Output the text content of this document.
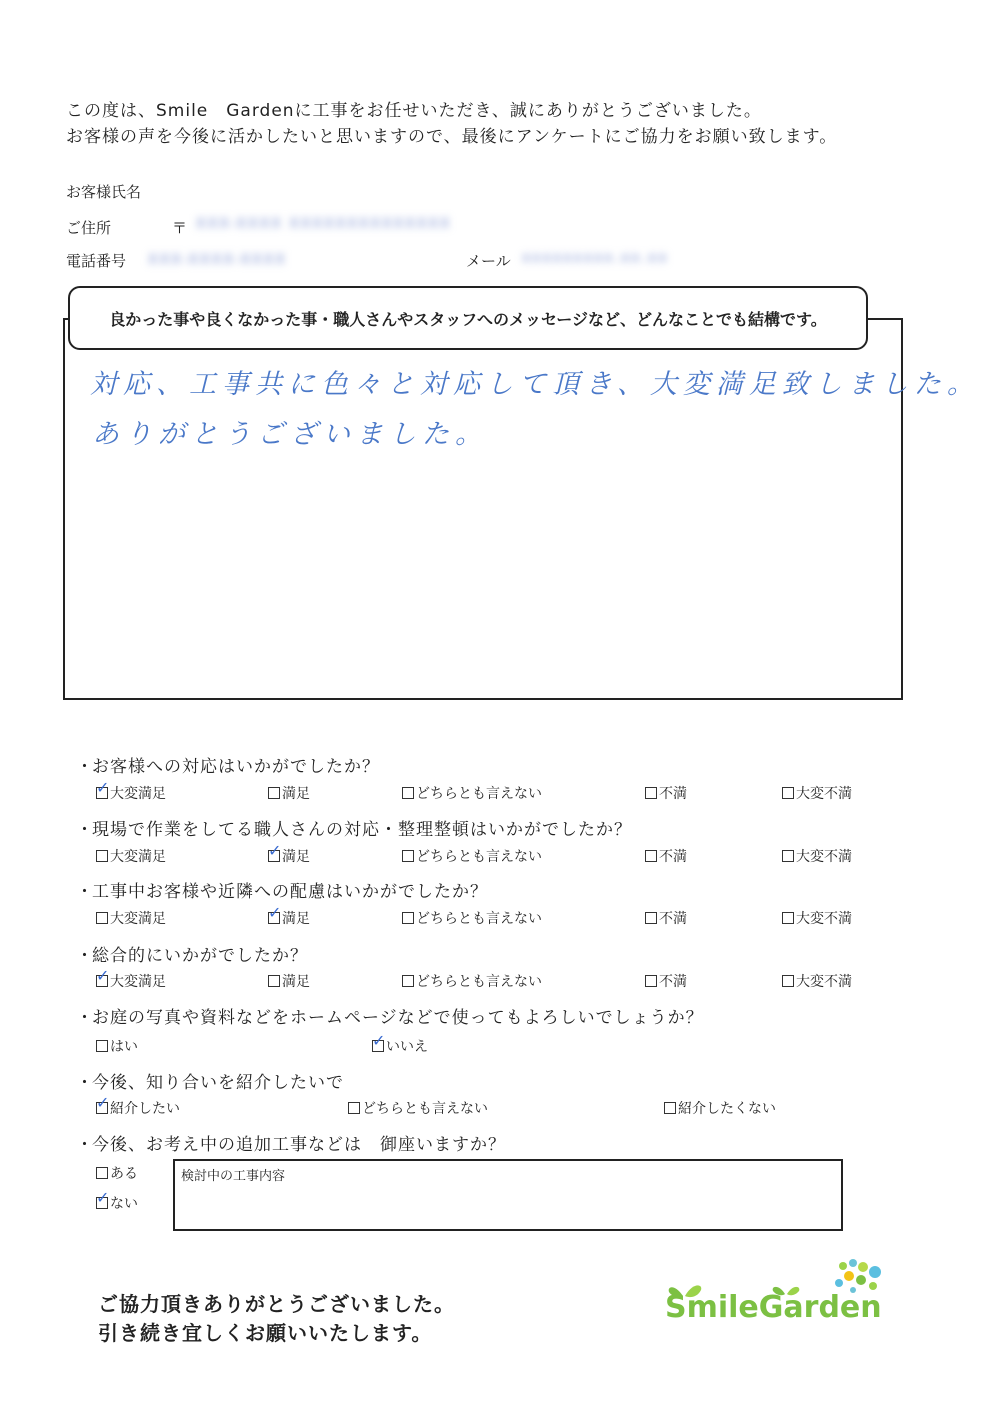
この度は、Smile　Gardenに工事をお任せいただき、誠にありがとうございました。
お客様の声を今後に活かしたいと思いますので、最後にアンケートにご協力をお願い致します。
お客様氏名
ご住所	〒 XXX-XXXX XXXXXXXXXXXXXX
電話番号 XXX-XXXX-XXXX	メール xxxxxxxxx.xx.xx
良かった事や良くなかった事・職人さんやスタッフへのメッセージなど、どんなことでも結構です。
対応、工事共に色々と対応して頂き、大変満足致しました。
ありがとうございました。
・お客様への対応はいかがでしたか？
✓大変満足	満足	どちらとも言えない	不満	大変不満
・現場で作業をしてる職人さんの対応・整理整頓はいかがでしたか？
大変満足 ✓	満足	どちらとも言えない	不満	大変不満
・工事中お客様や近隣への配慮はいかがでしたか？
大変満足 ✓	満足	どちらとも言えない	不満	大変不満
・総合的にいかがでしたか？
✓大変満足	満足	どちらとも言えない	不満	大変不満
・お庭の写真や資料などをホームページなどで使ってもよろしいでしょうか？
はい ✓	いいえ
・今後、知り合いを紹介したいで
✓紹介したい	どちらとも言えない	紹介したくない
・今後、お考え中の追加工事などは　御座いますか？
ある
✓ない
検討中の工事内容
ご協力頂きありがとうございました。
引き続き宜しくお願いいたします。
SmileGarden
